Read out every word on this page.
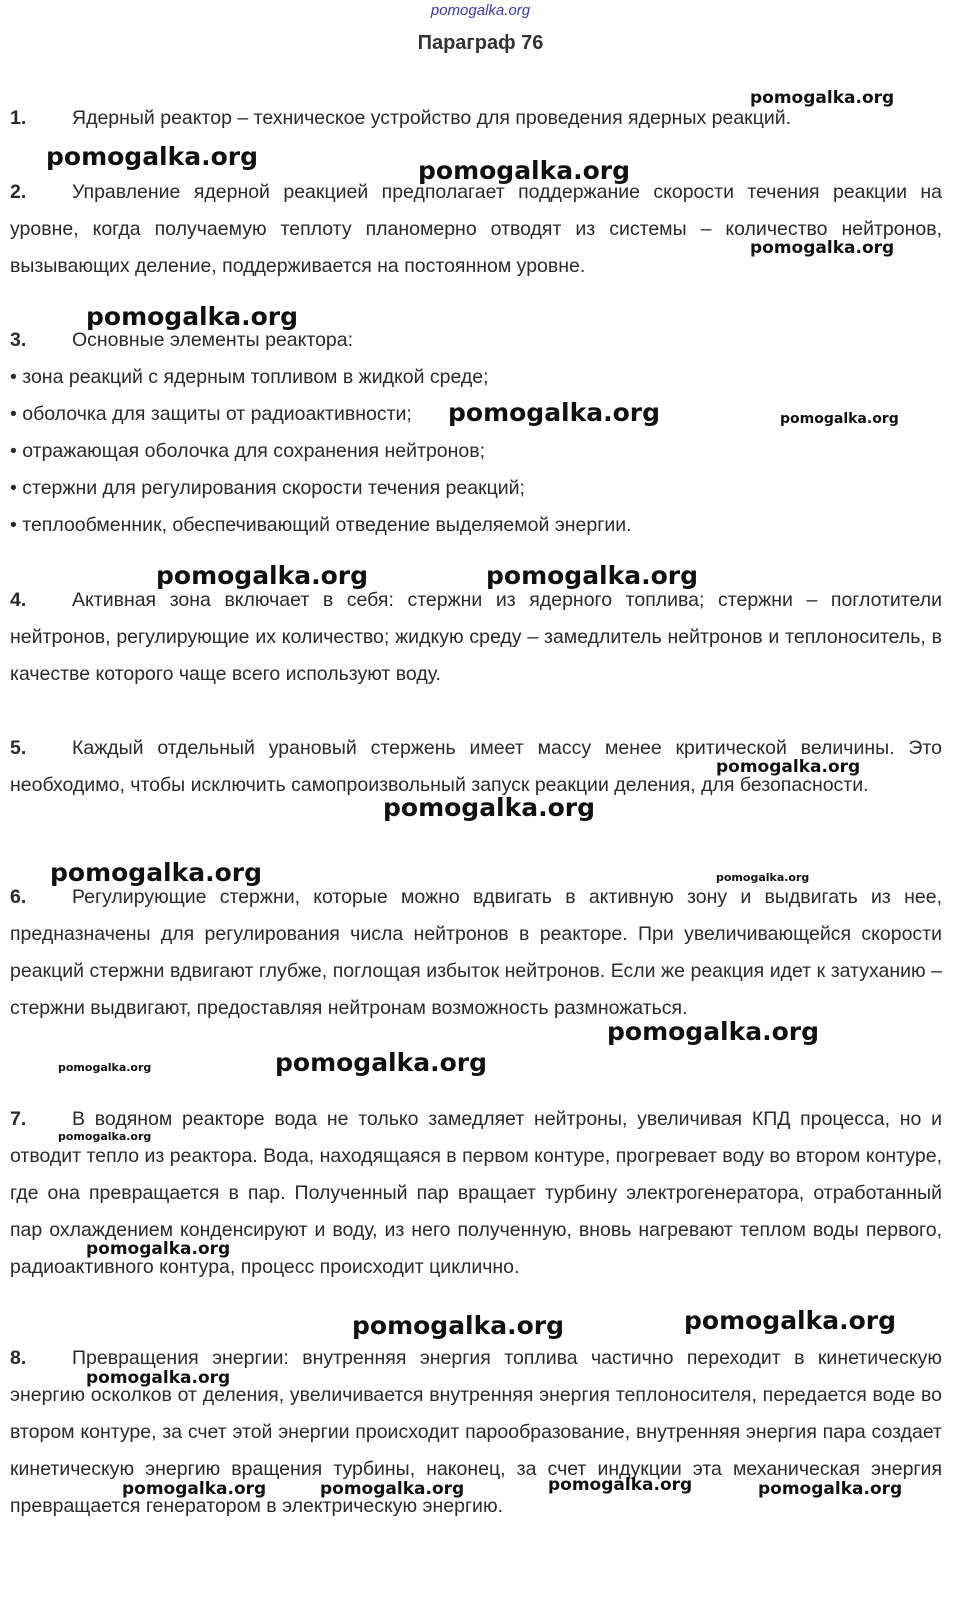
pomogalka.org
Параграф 76

1. Ядерный реактор – техническое устройство для проведения ядерных реакций.

2. Управление ядерной реакцией предполагает поддержание скорости течения реакции на уровне, когда получаемую теплоту планомерно отводят из системы – количество нейтронов, вызывающих деление, поддерживается на постоянном уровне.

3. Основные элементы реактора:

• зона реакций с ядерным топливом в жидкой среде;
• оболочка для защиты от радиоактивности;
• отражающая оболочка для сохранения нейтронов;
• стержни для регулирования скорости течения реакций;
• теплообменник, обеспечивающий отведение выделяемой энергии.

4. Активная зона включает в себя: стержни из ядерного топлива; стержни – поглотители нейтронов, регулирующие их количество; жидкую среду – замедлитель нейтронов и теплоноситель, в качестве которого чаще всего используют воду.

5. Каждый отдельный урановый стержень имеет массу менее критической величины. Это необходимо, чтобы исключить самопроизвольный запуск реакции деления, для безопасности.

6. Регулирующие стержни, которые можно вдвигать в активную зону и выдвигать из нее, предназначены для регулирования числа нейтронов в реакторе. При увеличивающейся скорости реакций стержни вдвигают глубже, поглощая избыток нейтронов. Если же реакция идет к затуханию – стержни выдвигают, предоставляя нейтронам возможность размножаться.

7. В водяном реакторе вода не только замедляет нейтроны, увеличивая КПД процесса, но и отводит тепло из реактора. Вода, находящаяся в первом контуре, прогревает воду во втором контуре, где она превращается в пар. Полученный пар вращает турбину электрогенератора, отработанный пар охлаждением конденсируют и воду, из него полученную, вновь нагревают теплом воды первого, радиоактивного контура, процесс происходит циклично.

8. Превращения энергии: внутренняя энергия топлива частично переходит в кинетическую энергию осколков от деления, увеличивается внутренняя энергия теплоносителя, передается воде во втором контуре, за счет этой энергии происходит парообразование, внутренняя энергия пара создает кинетическую энергию вращения турбины, наконец, за счет индукции эта механическая энергия превращается генератором в электрическую энергию.

pomogalka.org
pomogalka.org	pomogalka.org
pomogalka.org
pomogalka.org
pomogalka.org	pomogalka.org
pomogalka.org	pomogalka.org
pomogalka.org
pomogalka.org
pomogalka.org	pomogalka.org
pomogalka.org
pomogalka.org
pomogalka.org
pomogalka.org
pomogalka.org
pomogalka.org	pomogalka.org
pomogalka.org
pomogalka.org	pomogalka.org	pomogalka.org	pomogalka.org
